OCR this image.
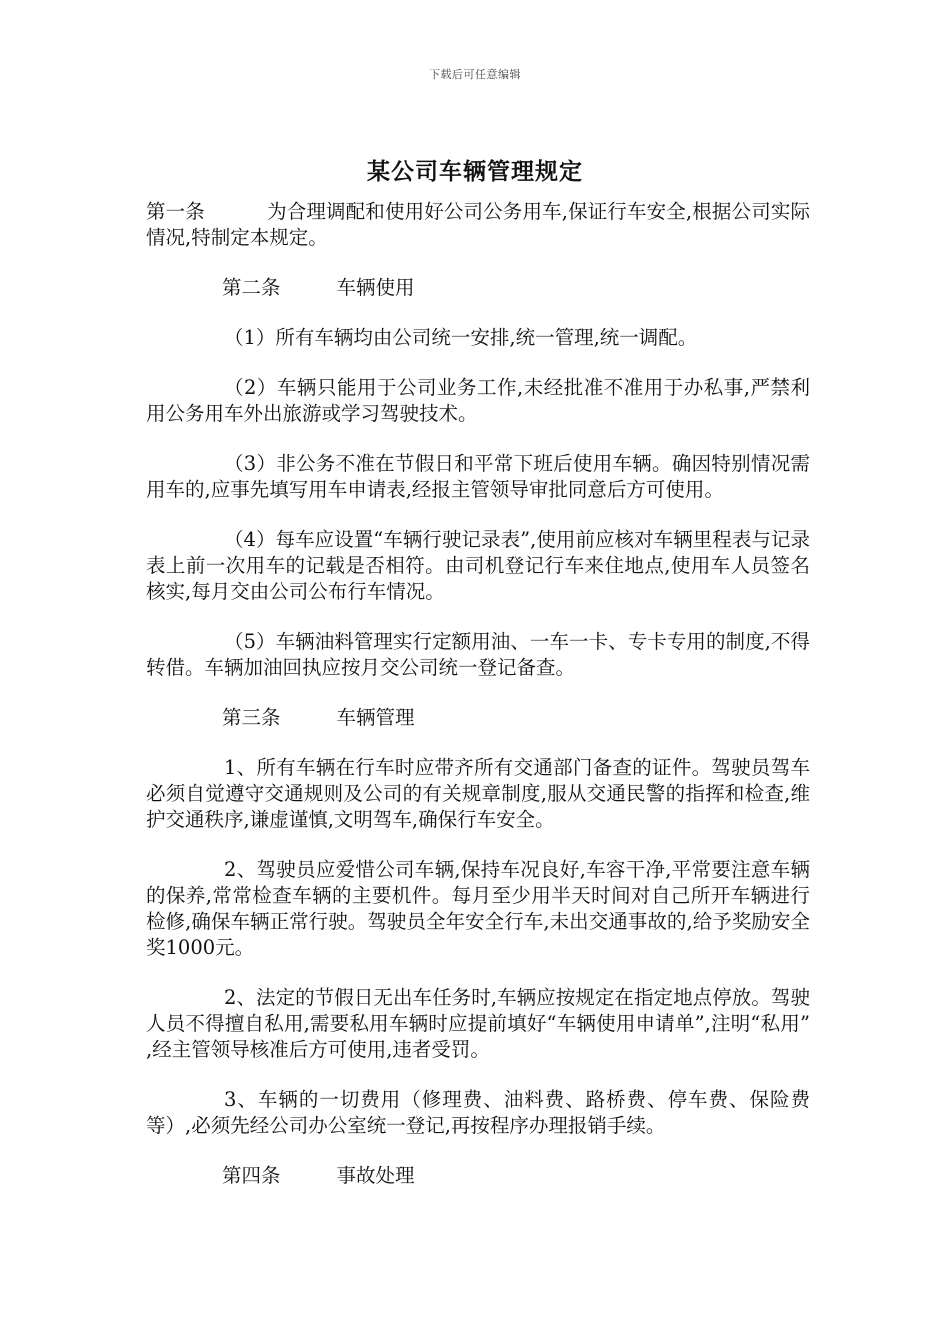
下载后可任意编辑
某公司车辆管理规定

第一条	为合理调配和使用好公司公务用车,保证行车安全,根据公司实际情况,特制定本规定。

第二条	车辆使用

（1）所有车辆均由公司统一安排,统一管理,统一调配。

（2）车辆只能用于公司业务工作,未经批准不准用于办私事,严禁利用公务用车外出旅游或学习驾驶技术。

（3）非公务不准在节假日和平常下班后使用车辆。确因特别情况需用车的,应事先填写用车申请表,经报主管领导审批同意后方可使用。

（4）每车应设置“车辆行驶记录表”,使用前应核对车辆里程表与记录表上前一次用车的记载是否相符。由司机登记行车来住地点,使用车人员签名核实,每月交由公司公布行车情况。

（5）车辆油料管理实行定额用油、一车一卡、专卡专用的制度,不得转借。车辆加油回执应按月交公司统一登记备查。

第三条	车辆管理

1、所有车辆在行车时应带齐所有交通部门备查的证件。驾驶员驾车必须自觉遵守交通规则及公司的有关规章制度,服从交通民警的指挥和检查,维护交通秩序,谦虚谨慎,文明驾车,确保行车安全。

2、驾驶员应爱惜公司车辆,保持车况良好,车容干净,平常要注意车辆的保养,常常检查车辆的主要机件。每月至少用半天时间对自己所开车辆进行检修,确保车辆正常行驶。驾驶员全年安全行车,未出交通事故的,给予奖励安全奖1000元。

2、法定的节假日无出车任务时,车辆应按规定在指定地点停放。驾驶人员不得擅自私用,需要私用车辆时应提前填好“车辆使用申请单”,注明“私用” ,经主管领导核准后方可使用,违者受罚。

3、车辆的一切费用（修理费、油料费、路桥费、停车费、保险费等）,必须先经公司办公室统一登记,再按程序办理报销手续。

第四条	事故处理
